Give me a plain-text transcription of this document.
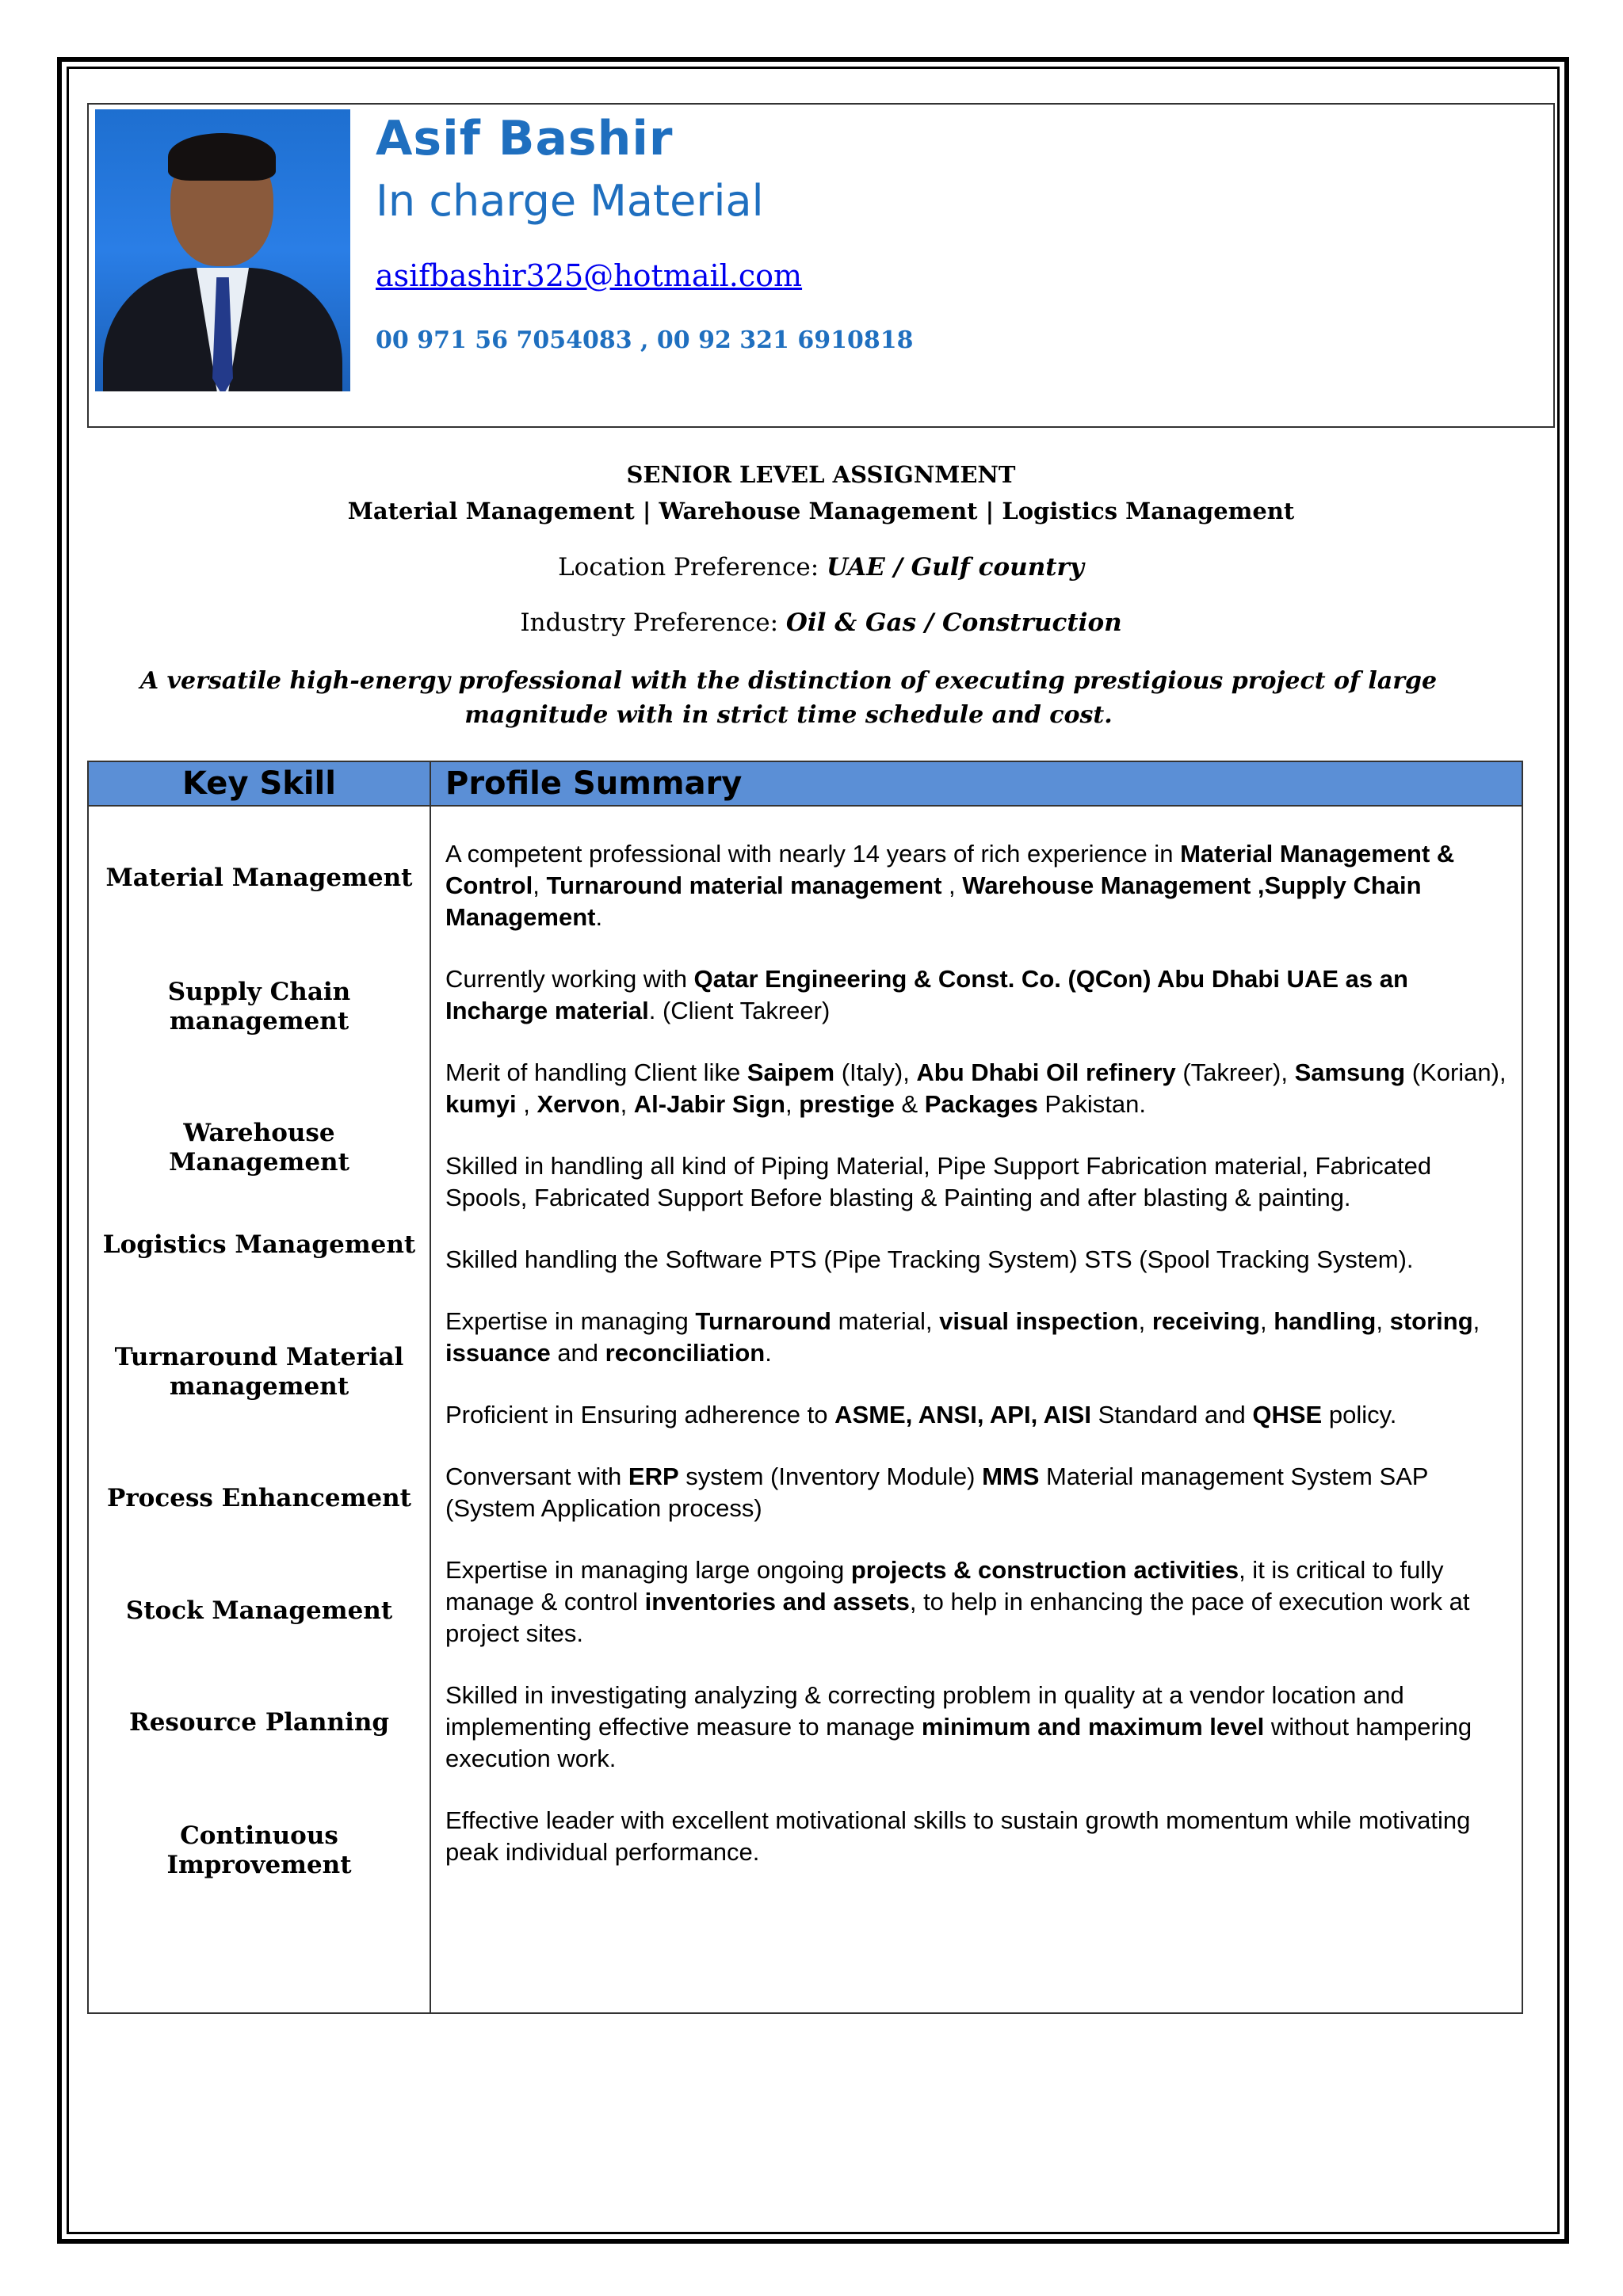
Asif Bashir
In charge Material
asifbashir325@hotmail.com
00 971 56 7054083 , 00 92 321 6910818
SENIOR LEVEL ASSIGNMENT
Material Management | Warehouse Management | Logistics Management
Location Preference: UAE / Gulf country
Industry Preference: Oil & Gas / Construction
A versatile high-energy professional with the distinction of executing prestigious project of large magnitude with in strict time schedule and cost.
Key Skill	Profile Summary
Material Management
Supply Chain management
Warehouse Management
Logistics Management
Turnaround Material management
Process Enhancement
Stock Management
Resource Planning
Continuous Improvement

A competent professional with nearly 14 years of rich experience in Material Management & Control, Turnaround material management , Warehouse Management ,Supply Chain Management.

Currently working with Qatar Engineering & Const. Co. (QCon) Abu Dhabi UAE as an Incharge material. (Client Takreer)

Merit of handling Client like Saipem (Italy), Abu Dhabi Oil refinery (Takreer), Samsung (Korian), kumyi , Xervon, Al-Jabir Sign, prestige & Packages Pakistan.

Skilled in handling all kind of Piping Material, Pipe Support Fabrication material, Fabricated Spools, Fabricated Support Before blasting & Painting and after blasting & painting.

Skilled handling the Software PTS (Pipe Tracking System) STS (Spool Tracking System).

Expertise in managing Turnaround material, visual inspection, receiving, handling, storing, issuance and reconciliation.

Proficient in Ensuring adherence to ASME, ANSI, API, AISI Standard and QHSE policy.

Conversant with ERP system (Inventory Module) MMS Material management System SAP (System Application process)

Expertise in managing large ongoing projects & construction activities, it is critical to fully manage & control inventories and assets, to help in enhancing the pace of execution work at project sites.

Skilled in investigating analyzing & correcting problem in quality at a vendor location and implementing effective measure to manage minimum and maximum level without hampering execution work.

Effective leader with excellent motivational skills to sustain growth momentum while motivating peak individual performance.
